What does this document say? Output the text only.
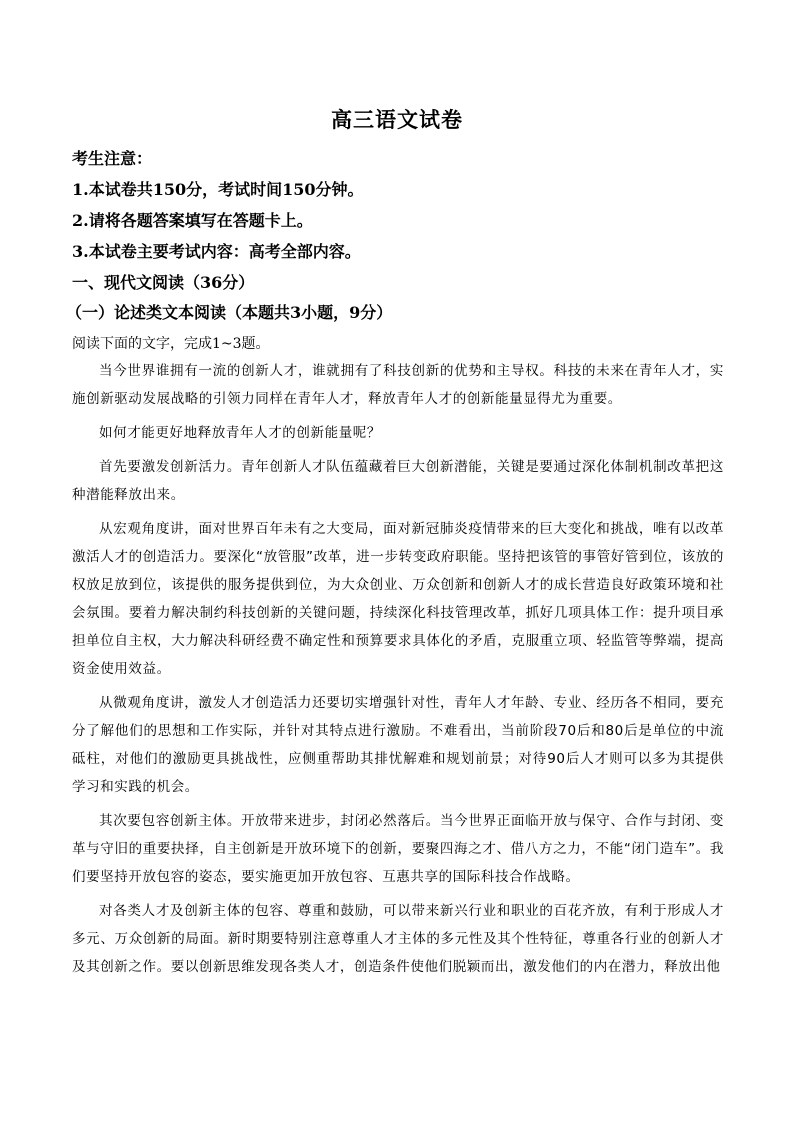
高三语文试卷
考生注意：
1.本试卷共150分，考试时间150分钟。
2.请将各题答案填写在答题卡上。
3.本试卷主要考试内容：高考全部内容。
一、现代文阅读（36分）
（一）论述类文本阅读（本题共3小题，9分）
阅读下面的文字，完成1~3题。

当今世界谁拥有一流的创新人才，谁就拥有了科技创新的优势和主导权。科技的未来在青年人才，实施创新驱动发展战略的引领力同样在青年人才，释放青年人才的创新能量显得尤为重要。

如何才能更好地释放青年人才的创新能量呢？

首先要激发创新活力。青年创新人才队伍蕴藏着巨大创新潜能，关键是要通过深化体制机制改革把这种潜能释放出来。

从宏观角度讲，面对世界百年未有之大变局，面对新冠肺炎疫情带来的巨大变化和挑战，唯有以改革激活人才的创造活力。要深化“放管服”改革，进一步转变政府职能。坚持把该管的事管好管到位，该放的权放足放到位，该提供的服务提供到位，为大众创业、万众创新和创新人才的成长营造良好政策环境和社会氛围。要着力解决制约科技创新的关键问题，持续深化科技管理改革，抓好几项具体工作：提升项目承担单位自主权，大力解决科研经费不确定性和预算要求具体化的矛盾，克服重立项、轻监管等弊端，提高资金使用效益。

从微观角度讲，激发人才创造活力还要切实增强针对性，青年人才年龄、专业、经历各不相同，要充分了解他们的思想和工作实际，并针对其特点进行激励。不难看出，当前阶段70后和80后是单位的中流砥柱，对他们的激励更具挑战性，应侧重帮助其排忧解难和规划前景；对待90后人才则可以多为其提供学习和实践的机会。

其次要包容创新主体。开放带来进步，封闭必然落后。当今世界正面临开放与保守、合作与封闭、变革与守旧的重要抉择，自主创新是开放环境下的创新，要聚四海之才、借八方之力，不能“闭门造车”。我们要坚持开放包容的姿态，要实施更加开放包容、互惠共享的国际科技合作战略。

对各类人才及创新主体的包容、尊重和鼓励，可以带来新兴行业和职业的百花齐放，有利于形成人才多元、万众创新的局面。新时期要特别注意尊重人才主体的多元性及其个性特征，尊重各行业的创新人才及其创新之作。要以创新思维发现各类人才，创造条件使他们脱颖而出，激发他们的内在潜力，释放出他
